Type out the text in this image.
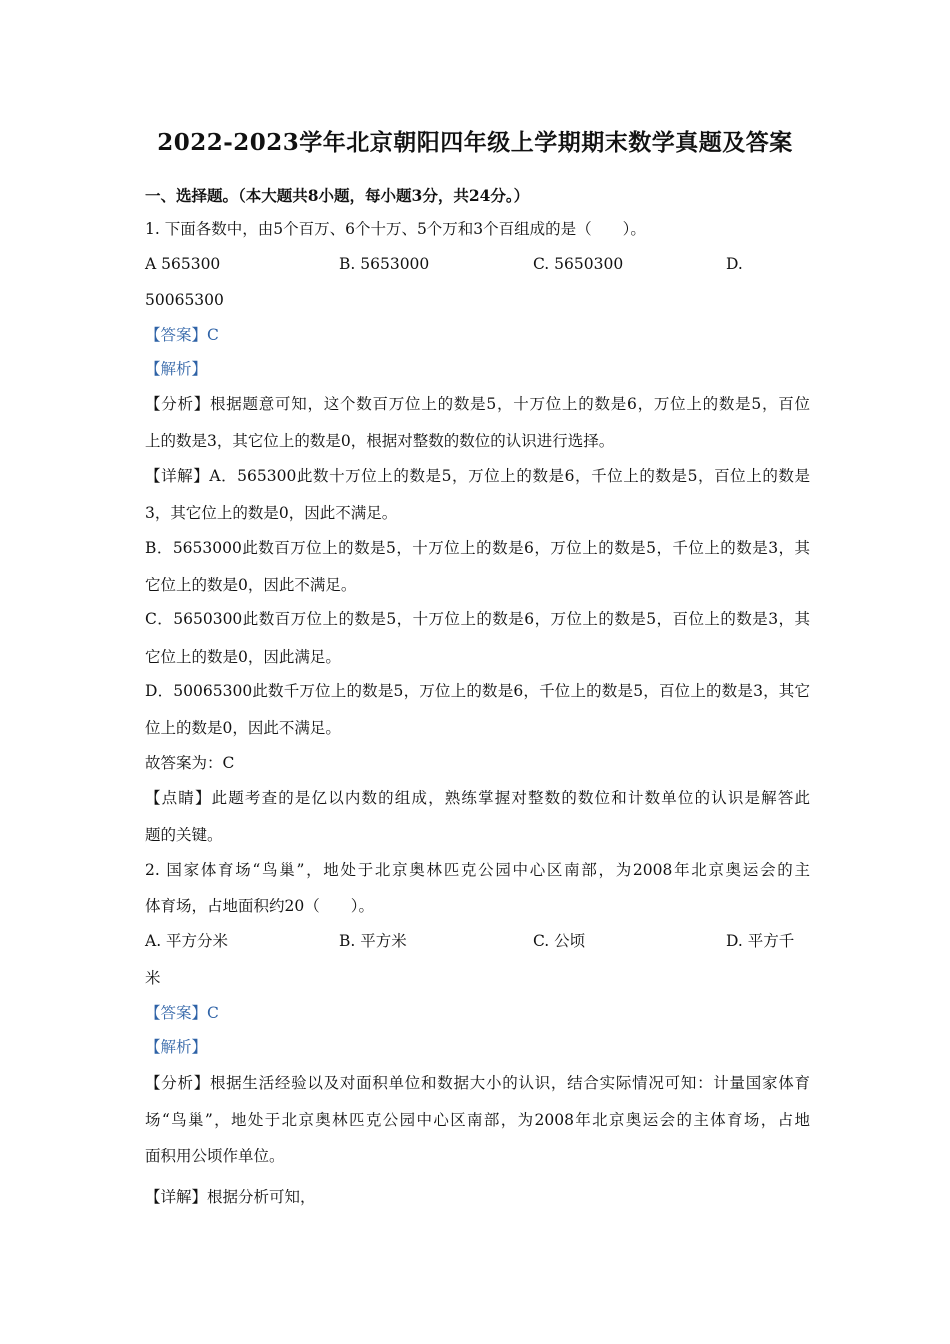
2022-2023学年北京朝阳四年级上学期期末数学真题及答案
一、选择题。（本大题共8小题，每小题3分，共24分。）
1. 下面各数中，由5个百万、6个十万、5个万和3个百组成的是（　　）。
A 565300	B. 5653000	C. 5650300	D.
50065300
【答案】C
【解析】
【分析】根据题意可知，这个数百万位上的数是5，十万位上的数是6，万位上的数是5，百位
上的数是3，其它位上的数是0，根据对整数的数位的认识进行选择。
【详解】A．565300此数十万位上的数是5，万位上的数是6，千位上的数是5，百位上的数是
3，其它位上的数是0，因此不满足。
B．5653000此数百万位上的数是5，十万位上的数是6，万位上的数是5，千位上的数是3，其
它位上的数是0，因此不满足。
C．5650300此数百万位上的数是5，十万位上的数是6，万位上的数是5，百位上的数是3，其
它位上的数是0，因此满足。
D．50065300此数千万位上的数是5，万位上的数是6，千位上的数是5，百位上的数是3，其它
位上的数是0，因此不满足。
故答案为：C
【点睛】此题考查的是亿以内数的组成，熟练掌握对整数的数位和计数单位的认识是解答此
题的关键。
2. 国家体育场“鸟巢”，地处于北京奥林匹克公园中心区南部，为2008年北京奥运会的主
体育场，占地面积约20（　　）。
A. 平方分米	B. 平方米	C. 公顷	D. 平方千
米
【答案】C
【解析】
【分析】根据生活经验以及对面积单位和数据大小的认识，结合实际情况可知：计量国家体育
场“鸟巢”，地处于北京奥林匹克公园中心区南部，为2008年北京奥运会的主体育场，占地
面积用公顷作单位。
【详解】根据分析可知，
